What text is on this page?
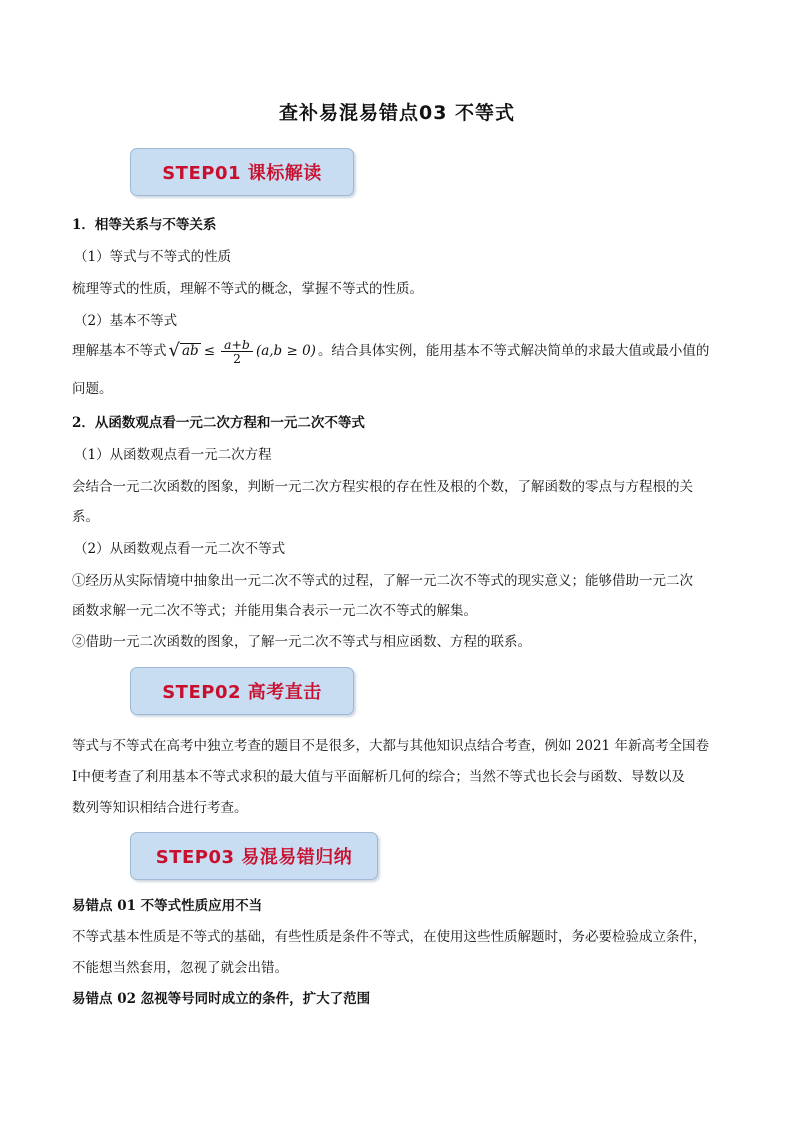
查补易混易错点03 不等式
STEP01 课标解读
1．相等关系与不等关系
（1）等式与不等式的性质
梳理等式的性质，理解不等式的概念，掌握不等式的性质。
（2）基本不等式
理解基本不等式 √ ab ≤ $\frac{a+b}{2} (a,b \ge 0)$ 。结合具体实例，能用基本不等式解决简单的求最大值或最小值的
问题。
2．从函数观点看一元二次方程和一元二次不等式
（1）从函数观点看一元二次方程
会结合一元二次函数的图象，判断一元二次方程实根的存在性及根的个数，了解函数的零点与方程根的关
系。
（2）从函数观点看一元二次不等式
①经历从实际情境中抽象出一元二次不等式的过程，了解一元二次不等式的现实意义；能够借助一元二次
函数求解一元二次不等式；并能用集合表示一元二次不等式的解集。
②借助一元二次函数的图象，了解一元二次不等式与相应函数、方程的联系。
STEP02 高考直击
等式与不等式在高考中独立考查的题目不是很多，大都与其他知识点结合考查，例如 2021 年新高考全国卷
Ⅰ中便考查了利用基本不等式求积的最大值与平面解析几何的综合；当然不等式也长会与函数、导数以及
数列等知识相结合进行考查。
STEP03 易混易错归纳
易错点 01 不等式性质应用不当
不等式基本性质是不等式的基础，有些性质是条件不等式，在使用这些性质解题时，务必要检验成立条件，
不能想当然套用，忽视了就会出错。
易错点 02 忽视等号同时成立的条件，扩大了范围
